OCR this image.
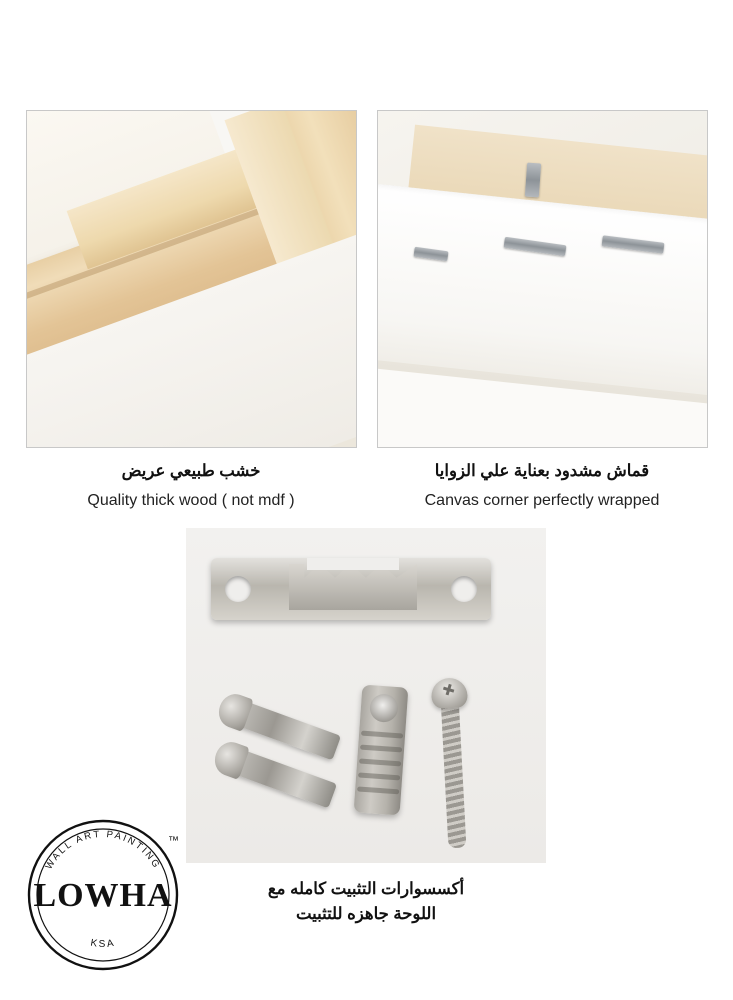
خشب طبيعي عريض
Quality thick wood ( not mdf )
قماش مشدود بعناية علي الزوايا
Canvas corner perfectly wrapped
أكسسوارات التثبيت كامله مع
اللوحة جاهزه للتثبيت
WALL ART PAINTING
KSA
LOWHA
™
